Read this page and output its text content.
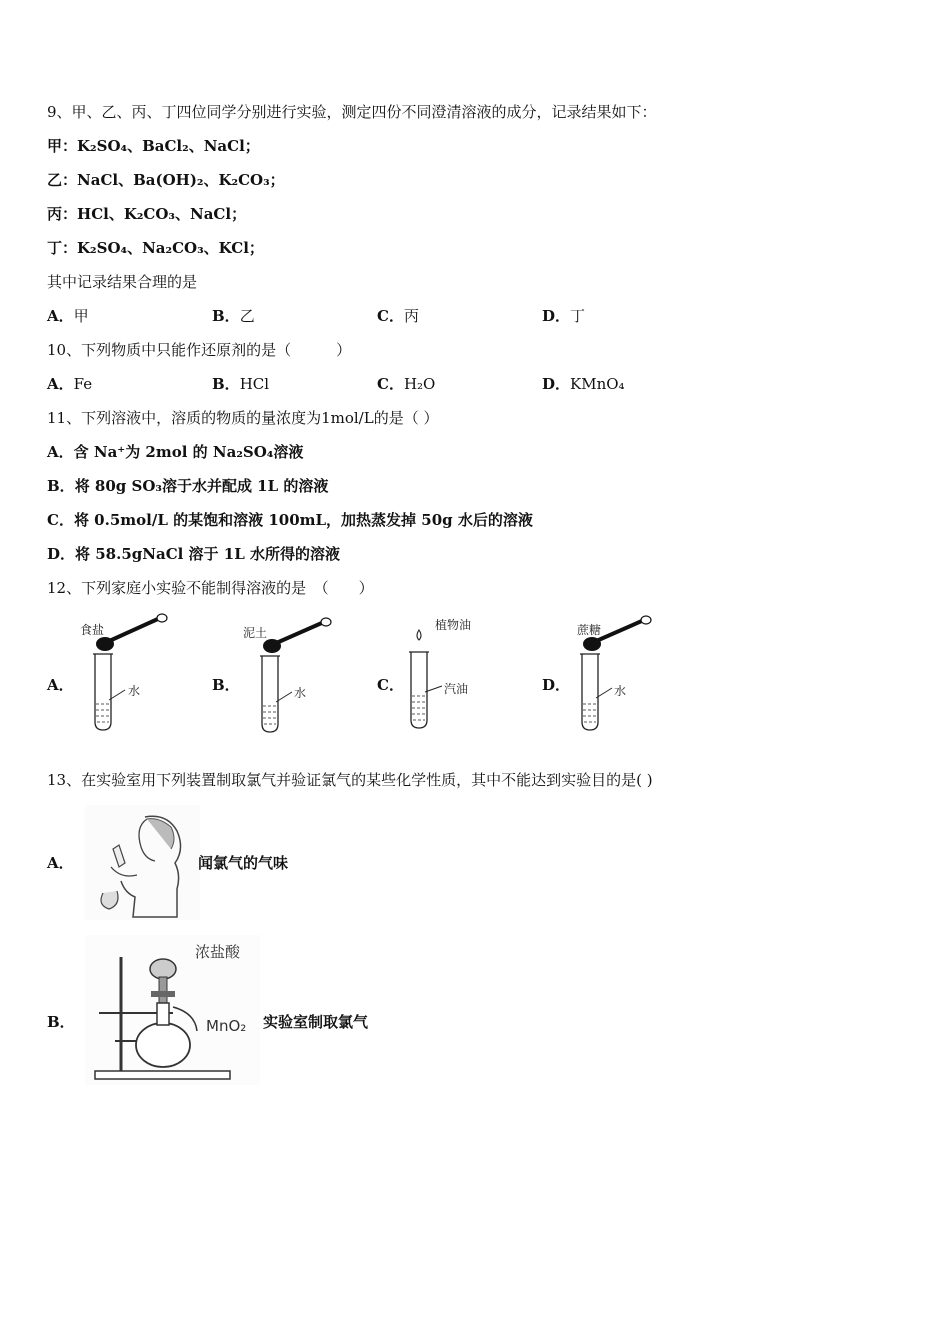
9、甲、乙、丙、丁四位同学分别进行实验，测定四份不同澄清溶液的成分，记录结果如下：
甲：K₂SO₄、BaCl₂、NaCl；
乙：NaCl、Ba(OH)₂、K₂CO₃；
丙：HCl、K₂CO₃、NaCl；
丁：K₂SO₄、Na₂CO₃、KCl；
其中记录结果合理的是
A．甲	B．乙	C．丙	D．丁
10、下列物质中只能作还原剂的是（　　　）
A．Fe	B．HCl	C．H₂O	D．KMnO₄
11、下列溶液中，溶质的物质的量浓度为1mol/L的是（ ）
A．含 Na⁺为 2mol 的 Na₂SO₄溶液
B．将 80g SO₃溶于水并配成 1L 的溶液
C．将 0.5mol/L 的某饱和溶液 100mL，加热蒸发掉 50g 水后的溶液
D．将 58.5gNaCl 溶于 1L 水所得的溶液
12、下列家庭小实验不能制得溶液的是　（　　）
A．
食盐
水	B．
泥土
水	C．
植物油
汽油	D．
蔗糖
水
13、在实验室用下列装置制取氯气并验证氯气的某些化学性质，其中不能达到实验目的是( )
A．	闻氯气的气味
B．
浓盐酸
MnO₂ 实验室制取氯气
